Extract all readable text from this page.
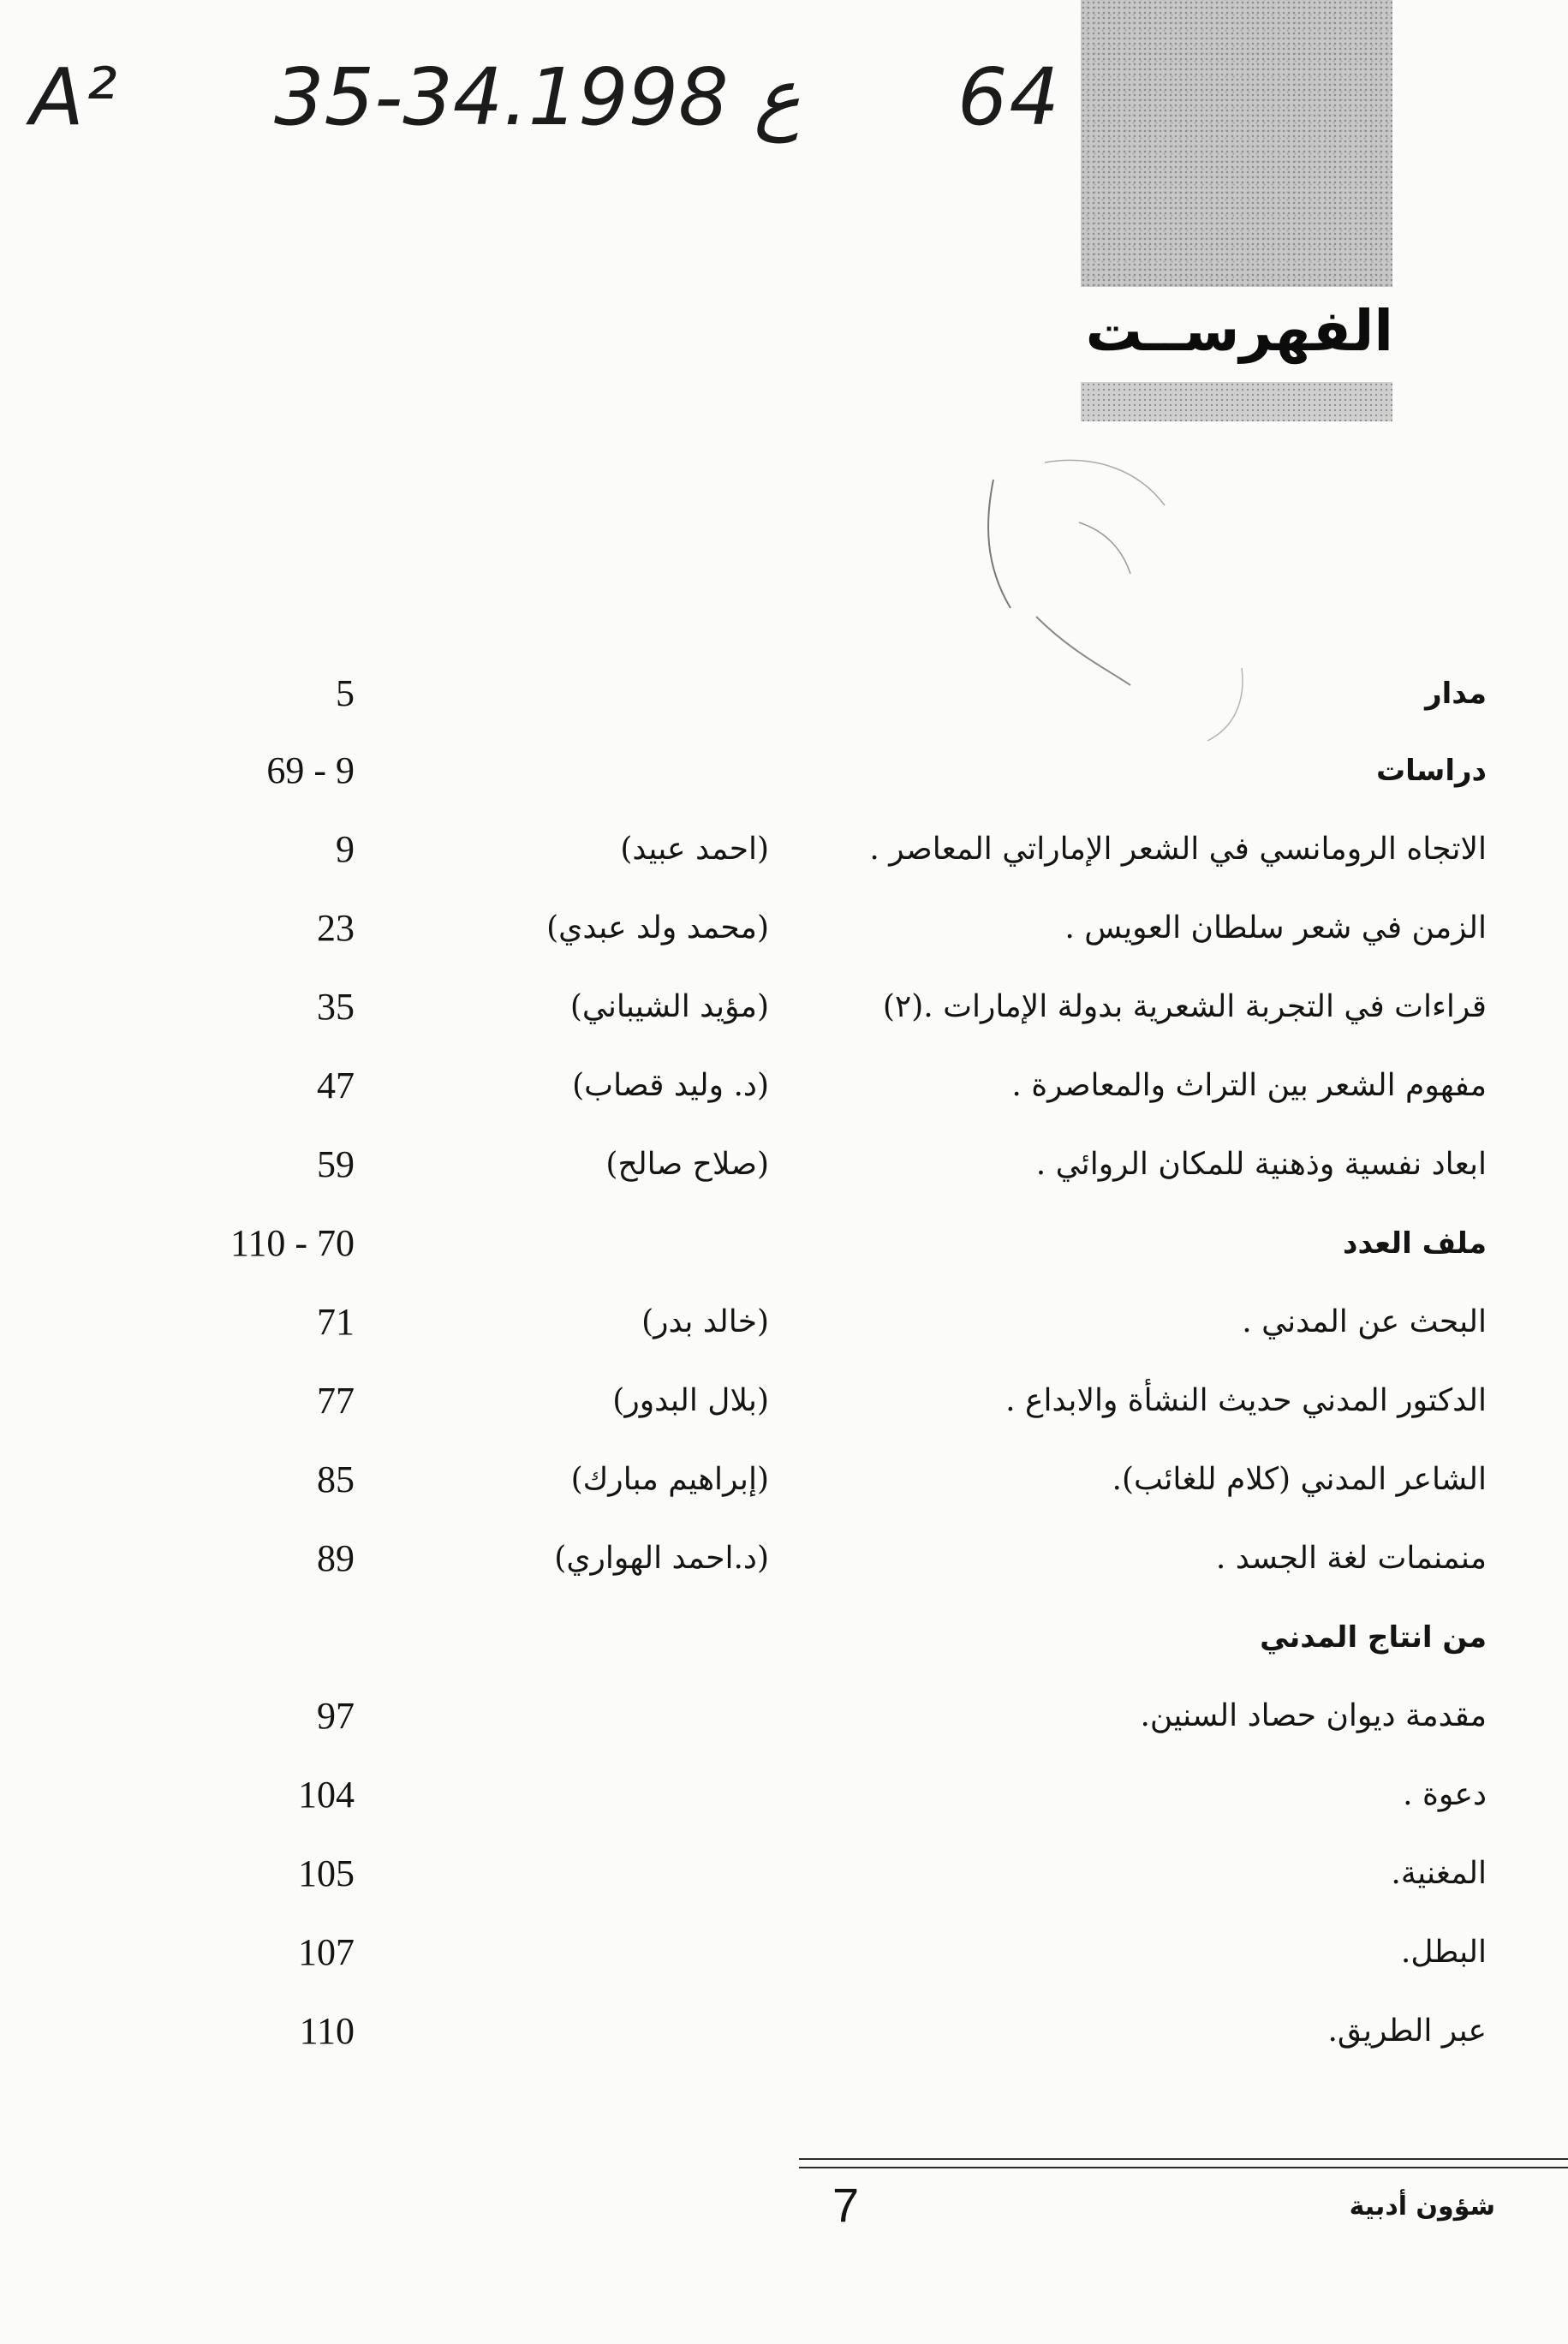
A² 35-34.ع 1998 64
الفهرســت
مدار
5
دراسات
69 - 9
الاتجاه الرومانسي في الشعر الإماراتي المعاصر .
(احمد عبيد)
9
الزمن في شعر سلطان العويس .
(محمد ولد عبدي)
23
قراءات في التجربة الشعرية بدولة الإمارات .(٢)
(مؤيد الشيباني)
35
مفهوم الشعر بين التراث والمعاصرة .
(د. وليد قصاب)
47
ابعاد نفسية وذهنية للمكان الروائي .
(صلاح صالح)
59
ملف العدد
110 - 70
البحث عن المدني .
(خالد بدر)
71
الدكتور المدني حديث النشأة والابداع .
(بلال البدور)
77
الشاعر المدني (كلام للغائب).
(إبراهيم مبارك)
85
منمنمات لغة الجسد .
(د.احمد الهواري)
89
من انتاج المدني
مقدمة ديوان حصاد السنين.
97
دعوة .
104
المغنية.
105
البطل.
107
عبر الطريق.
110
7	شؤون أدبية
